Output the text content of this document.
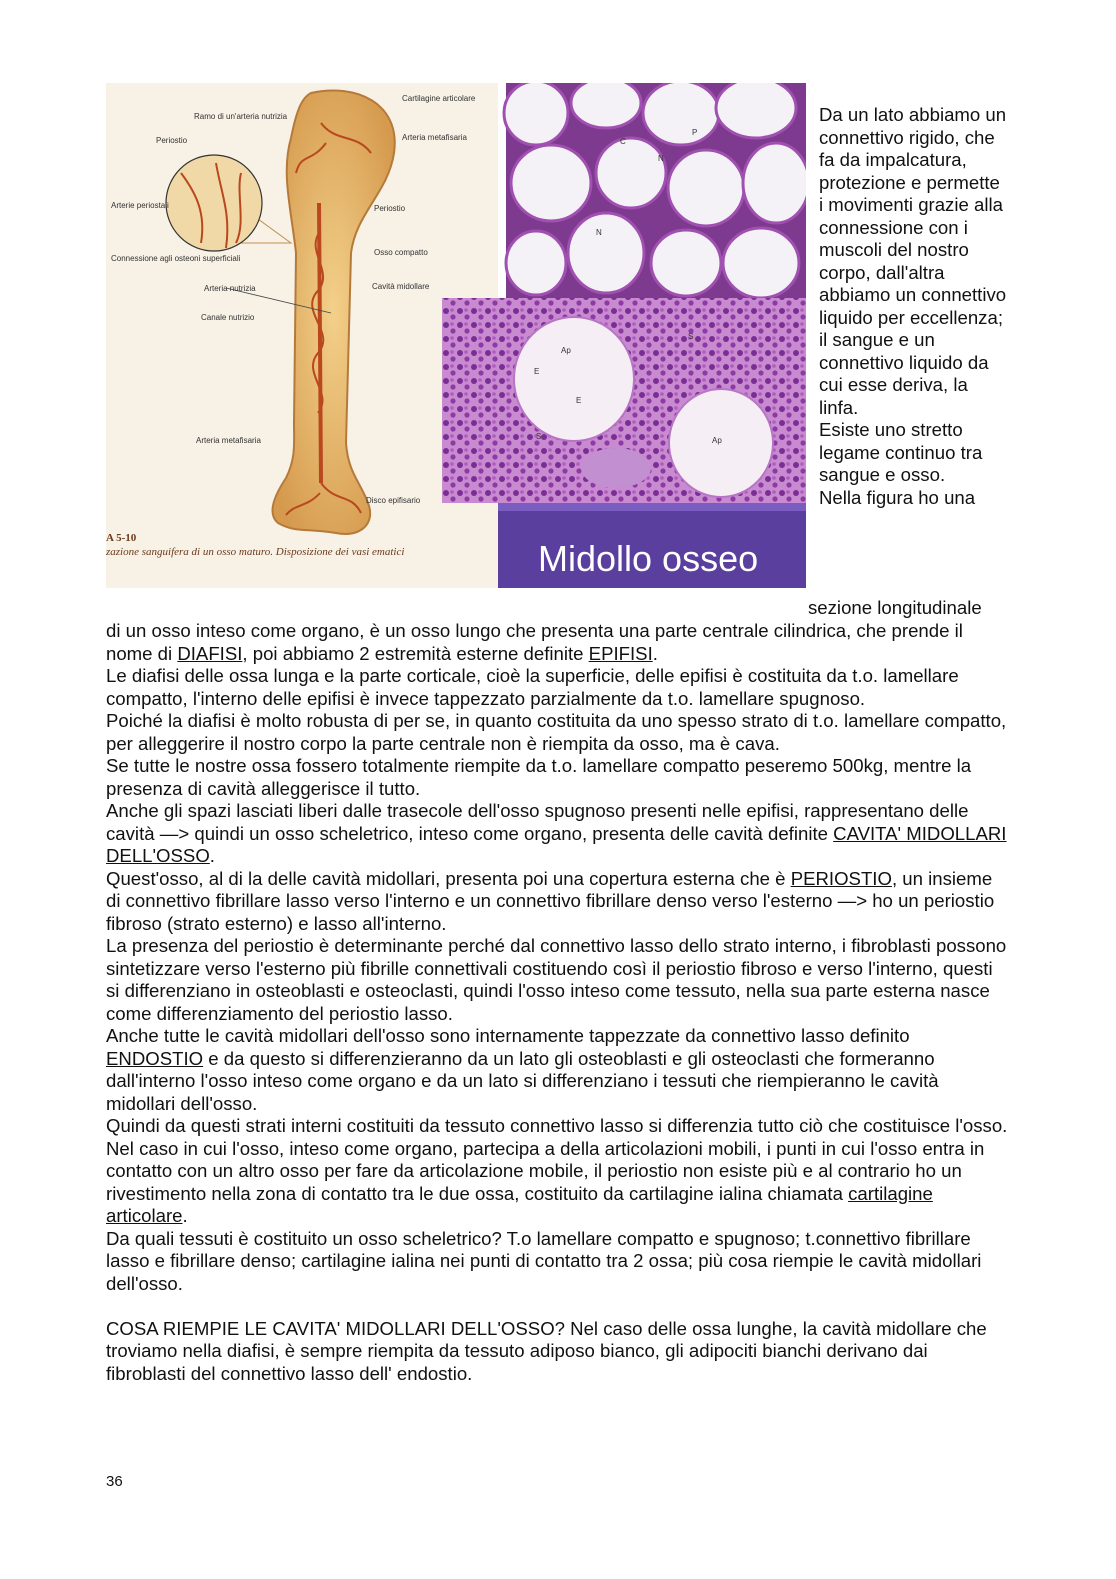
Ramo di un'arteria nutrizia
Cartilagine articolare
Periostio	Arteria metafisaria
Arterie periostali	Periostio
Connessione agli osteoni superficiali
Osso compatto
Arteria nutrizia	Cavità midollare
Canale nutrizio
Arteria metafisaria
Disco epifisario
A 5-10
zazione sanguifera di un osso maturo. Disposizione dei vasi ematici
C
P
N
N
Ap
E
E
S
S
Ap
Midollo osseo

Da un lato abbiamo un connettivo rigido, che fa da impalcatura, protezione e permette i movimenti grazie alla connessione con i muscoli del nostro corpo, dall'altra abbiamo un connettivo liquido per eccellenza; il sangue e un connettivo liquido da cui esse deriva, la linfa.

Esiste uno stretto legame continuo tra sangue e osso.

Nella figura ho una

sezione longitudinale

di un osso inteso come organo, è un osso lungo che presenta una parte centrale cilindrica, che prende il nome di DIAFISI, poi abbiamo 2 estremità esterne definite EPIFISI.

Le diafisi delle ossa lunga e la parte corticale, cioè la superficie, delle epifisi è costituita da t.o. lamellare compatto, l'interno delle epifisi è invece tappezzato parzialmente da t.o. lamellare spugnoso.

Poiché la diafisi è molto robusta di per se, in quanto costituita da uno spesso strato di t.o. lamellare compatto, per alleggerire il nostro corpo la parte centrale non è riempita da osso, ma è cava.

Se tutte le nostre ossa fossero totalmente riempite da t.o. lamellare compatto peseremo 500kg, mentre la presenza di cavità alleggerisce il tutto.

Anche gli spazi lasciati liberi dalle trasecole dell'osso spugnoso presenti nelle epifisi, rappresentano delle cavità —> quindi un osso scheletrico, inteso come organo, presenta delle cavità definite CAVITA' MIDOLLARI DELL'OSSO.

Quest'osso, al di la delle cavità midollari, presenta poi una copertura esterna che è PERIOSTIO, un insieme di connettivo fibrillare lasso verso l'interno e un connettivo fibrillare denso verso l'esterno —> ho un periostio fibroso (strato esterno) e lasso all'interno.

La presenza del periostio è determinante perché dal connettivo lasso dello strato interno, i fibroblasti possono sintetizzare verso l'esterno più fibrille connettivali costituendo così il periostio fibroso e verso l'interno, questi si differenziano in osteoblasti e osteoclasti, quindi l'osso inteso come tessuto, nella sua parte esterna nasce come differenziamento del periostio lasso.

Anche tutte le cavità midollari dell'osso sono internamente tappezzate da connettivo lasso definito ENDOSTIO e da questo si differenzieranno da un lato gli osteoblasti e gli osteoclasti che formeranno dall'interno l'osso inteso come organo e da un lato si differenziano i tessuti che riempieranno le cavità midollari dell'osso.

Quindi da questi strati interni costituiti da tessuto connettivo lasso si differenzia tutto ciò che costituisce l'osso.

Nel caso in cui l'osso, inteso come organo, partecipa a della articolazioni mobili, i punti in cui l'osso entra in contatto con un altro osso per fare da articolazione mobile, il periostio non esiste più e al contrario ho un rivestimento nella zona di contatto tra le due ossa, costituito da cartilagine ialina chiamata cartilagine articolare.

Da quali tessuti è costituito un osso scheletrico? T.o lamellare compatto e spugnoso; t.connettivo fibrillare lasso e fibrillare denso; cartilagine ialina nei punti di contatto tra 2 ossa; più cosa riempie le cavità midollari dell'osso.

COSA RIEMPIE LE CAVITA' MIDOLLARI DELL'OSSO? Nel caso delle ossa lunghe, la cavità midollare che troviamo nella diafisi, è sempre riempita da tessuto adiposo bianco, gli adipociti bianchi derivano dai fibroblasti del connettivo lasso dell' endostio.

36
